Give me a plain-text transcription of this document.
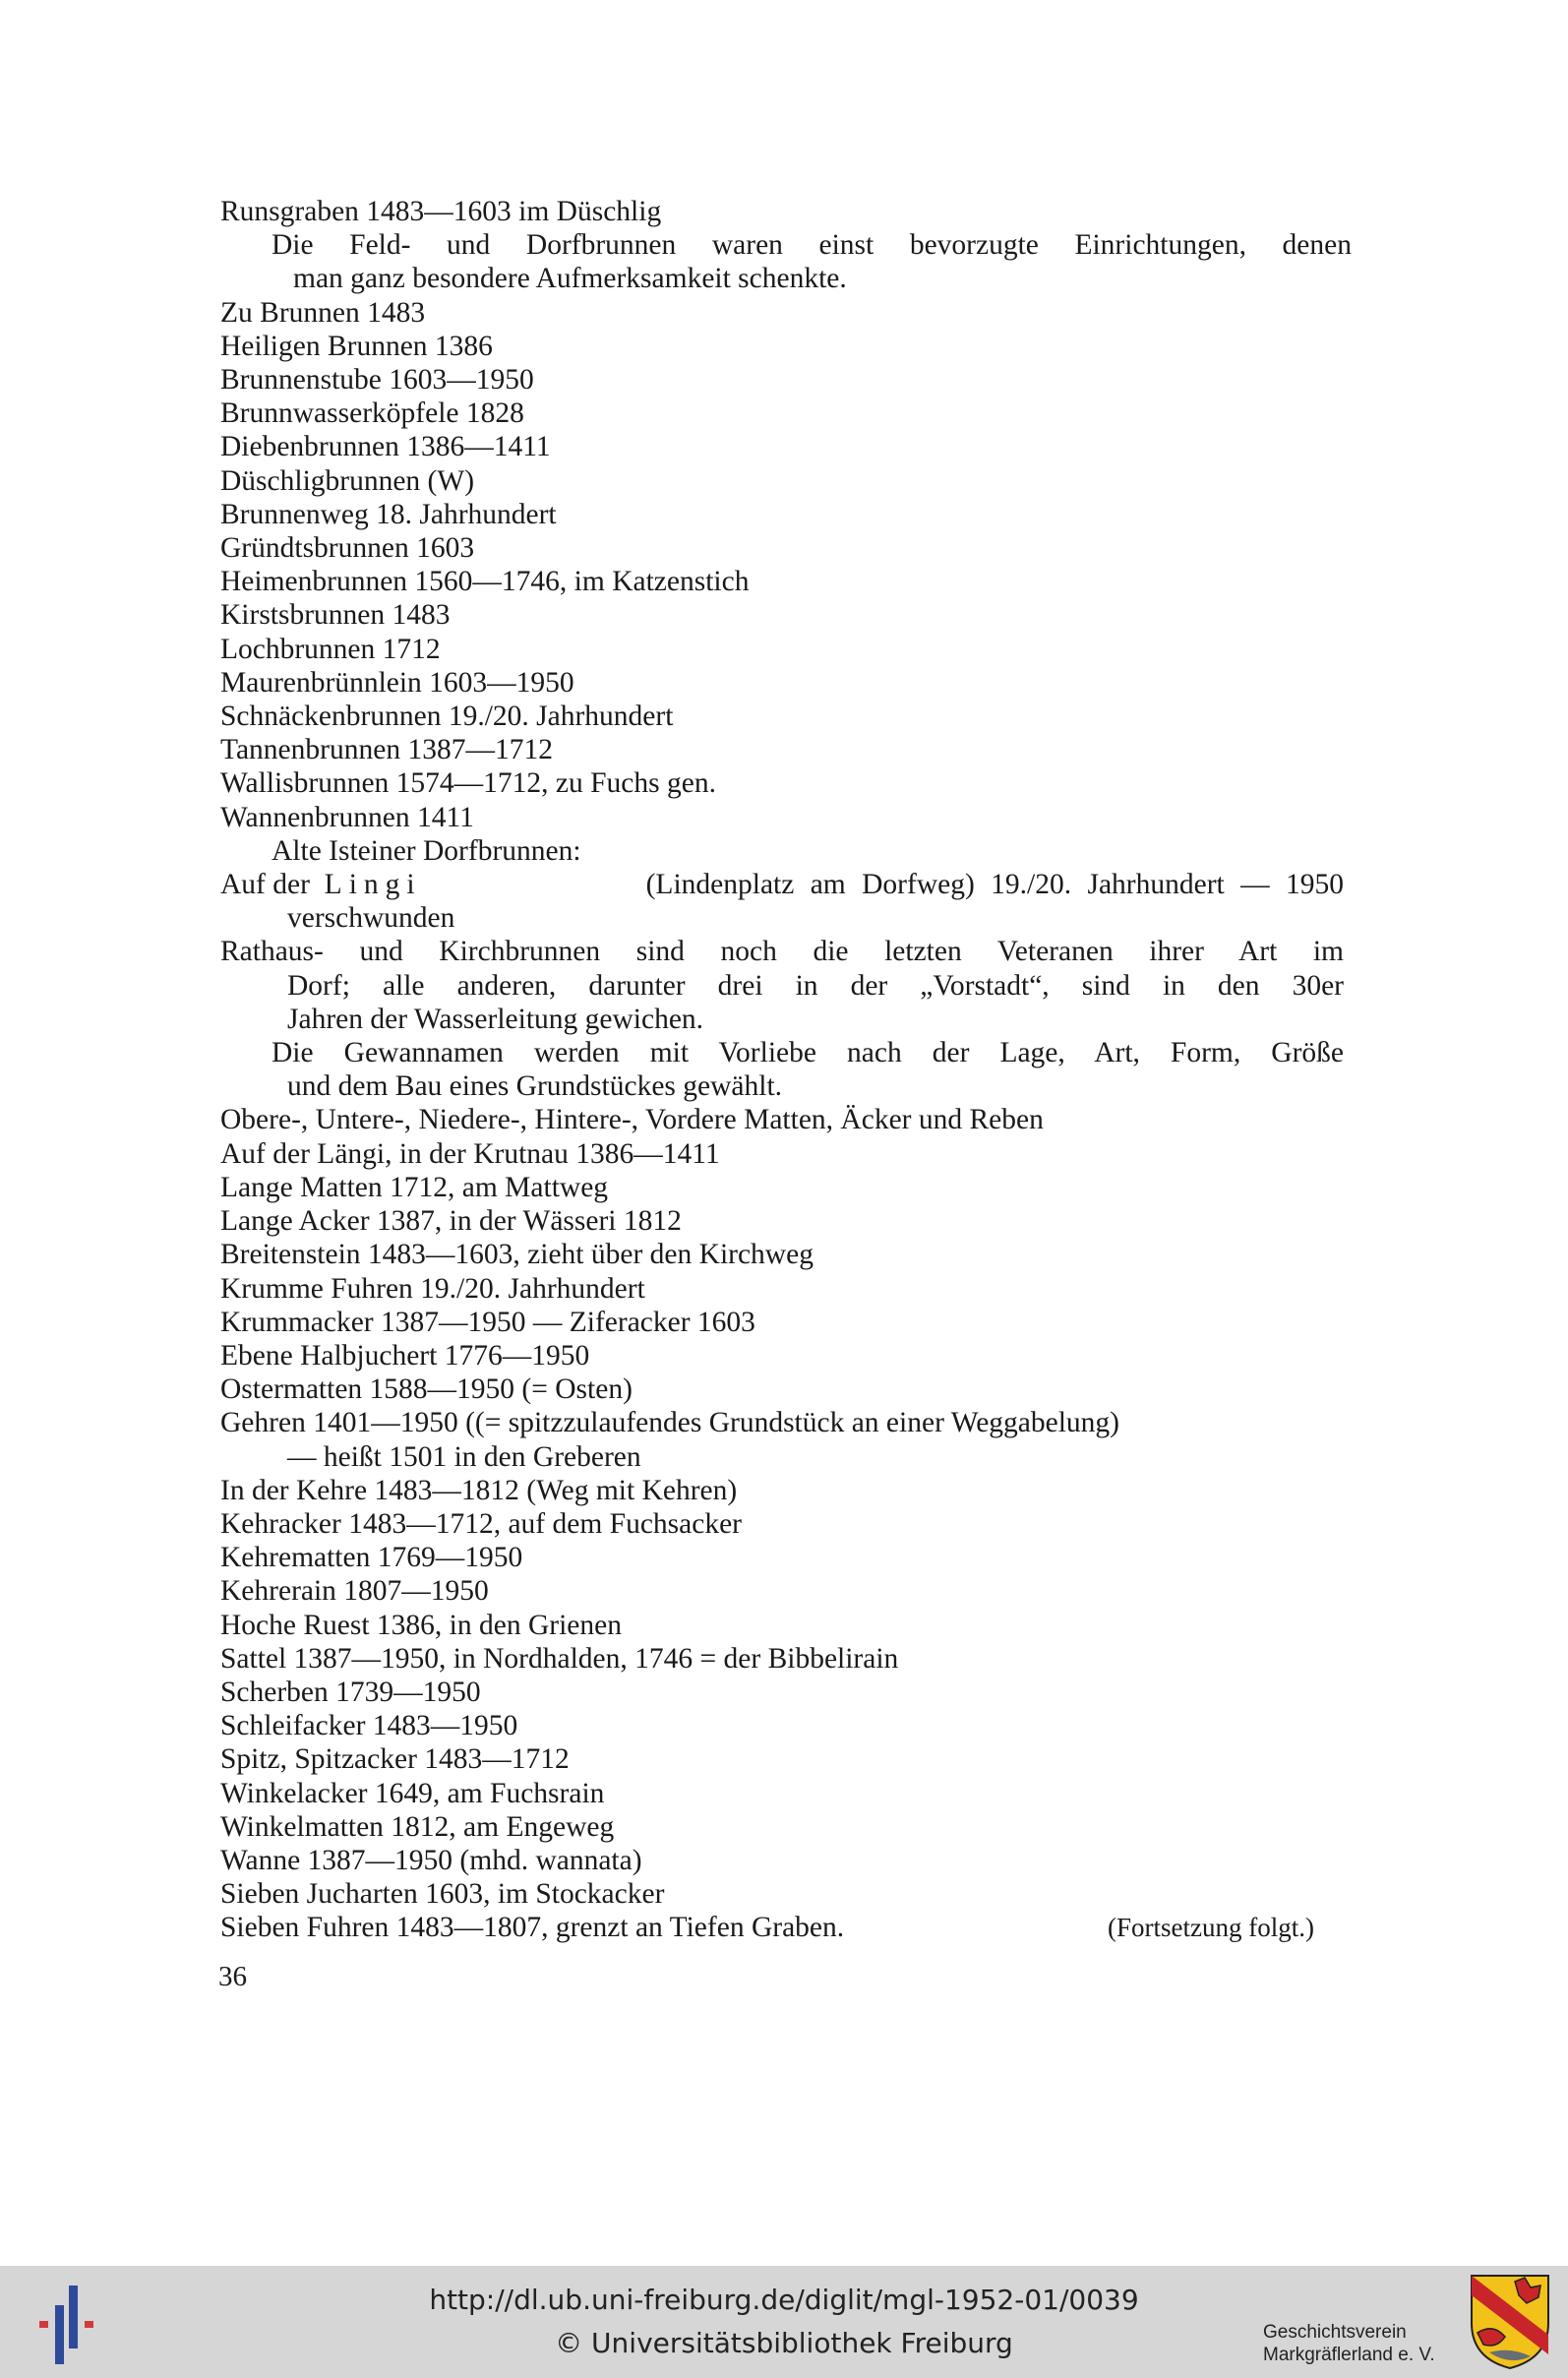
Runsgraben 1483—1603 im Düschlig
Die Feld- und Dorfbrunnen waren einst bevorzugte Einrichtungen, denen
man ganz besondere Aufmerksamkeit schenkte.
Zu Brunnen 1483
Heiligen Brunnen 1386
Brunnenstube 1603—1950
Brunnwasserköpfele 1828
Diebenbrunnen 1386—1411
Düschligbrunnen (W)
Brunnenweg 18. Jahrhundert
Gründtsbrunnen 1603
Heimenbrunnen 1560—1746, im Katzenstich
Kirstsbrunnen 1483
Lochbrunnen 1712
Maurenbrünnlein 1603—1950
Schnäckenbrunnen 19./20. Jahrhundert
Tannenbrunnen 1387—1712
Wallisbrunnen 1574—1712, zu Fuchs gen.
Wannenbrunnen 1411
Alte Isteiner Dorfbrunnen:
Auf der Lingi	(Lindenplatz am Dorfweg) 19./20. Jahrhundert — 1950
verschwunden
Rathaus- und Kirchbrunnen sind noch die letzten Veteranen ihrer Art im
Dorf; alle anderen, darunter drei in der „Vorstadt“, sind in den 30er
Jahren der Wasserleitung gewichen.
Die Gewannamen werden mit Vorliebe nach der Lage, Art, Form, Größe
und dem Bau eines Grundstückes gewählt.
Obere-, Untere-, Niedere-, Hintere-, Vordere Matten, Äcker und Reben
Auf der Längi, in der Krutnau 1386—1411
Lange Matten 1712, am Mattweg
Lange Acker 1387, in der Wässeri 1812
Breitenstein 1483—1603, zieht über den Kirchweg
Krumme Fuhren 19./20. Jahrhundert
Krummacker 1387—1950 — Ziferacker 1603
Ebene Halbjuchert 1776—1950
Ostermatten 1588—1950 (= Osten)
Gehren 1401—1950 ((= spitzzulaufendes Grundstück an einer Weggabelung)
— heißt 1501 in den Greberen
In der Kehre 1483—1812 (Weg mit Kehren)
Kehracker 1483—1712, auf dem Fuchsacker
Kehrematten 1769—1950
Kehrerain 1807—1950
Hoche Ruest 1386, in den Grienen
Sattel 1387—1950, in Nordhalden, 1746 = der Bibbelirain
Scherben 1739—1950
Schleifacker 1483—1950
Spitz, Spitzacker 1483—1712
Winkelacker 1649, am Fuchsrain
Winkelmatten 1812, am Engeweg
Wanne 1387—1950 (mhd. wannata)
Sieben Jucharten 1603, im Stockacker
Sieben Fuhren 1483—1807, grenzt an Tiefen Graben.	(Fortsetzung folgt.)
36
http://dl.ub.uni-freiburg.de/diglit/mgl-1952-01/0039
© Universitätsbibliothek Freiburg	Geschichtsverein
Markgräflerland e. V.
